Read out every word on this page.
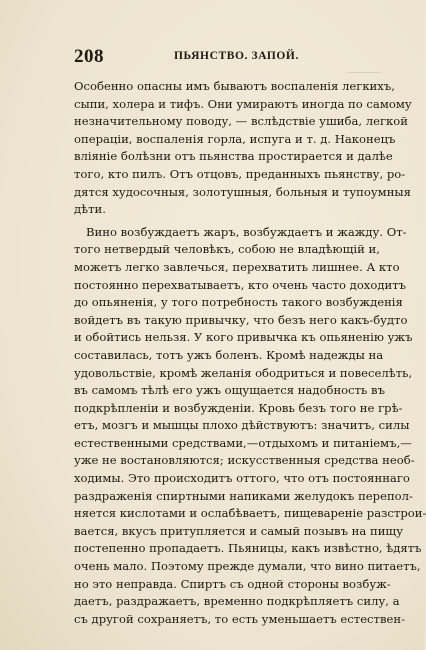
208	ПЬЯНСТВО. ЗАПОЙ.
Особенно опасны имъ бываютъ воспаленія легкихъ,
сыпи, холера и тифъ. Они умираютъ иногда по самому
незначительному поводу, — вслѣдствіе ушиба, легкой
операціи, воспаленія горла, испуга и т. д. Наконецъ
вліяніе болѣзни отъ пьянства простирается и далѣе
того, кто пилъ. Отъ отцовъ, преданныхъ пьянству, ро-
дятся худосочныя, золотушныя, больныя и тупоумныя
дѣти.
Вино возбуждаетъ жаръ, возбуждаетъ и жажду. От-
того нетвердый человѣкъ, собою не владѣющій и,
можетъ легко завлечься, перехватить лишнее. А кто
постоянно перехватываетъ, кто очень часто доходитъ
до опьяненія, у того потребность такого возбужденія
войдетъ въ такую привычку, что безъ него какъ-будто
и обойтись нельзя. У кого привычка къ опьяненію ужъ
составилась, тотъ ужъ боленъ. Кромѣ надежды на
удовольствіе, кромѣ желанія ободриться и повеселѣть,
въ самомъ тѣлѣ его ужъ ощущается надобность въ
подкрѣпленіи и возбужденіи. Кровь безъ того не грѣ-
етъ, мозгъ и мышцы плохо дѣйствуютъ: значитъ, силы
естественными средствами,—отдыхомъ и питаніемъ,—
уже не востановляются; искусственныя средства необ-
ходимы. Это происходитъ оттого, что отъ постояннаго
раздраженія спиртными напиками желудокъ перепол-
няется кислотами и ослабѣваетъ, пищевареніе разстрои-
вается, вкусъ притупляется и самый позывъ на пищу
постепенно пропадаетъ. Пьяницы, какъ извѣстно, ѣдятъ
очень мало. Поэтому прежде думали, что вино питаетъ,
но это неправда. Спиртъ съ одной стороны возбуж-
даетъ, раздражаетъ, временно подкрѣпляетъ силу, а
съ другой сохраняетъ, то есть уменьшаетъ естествен-
